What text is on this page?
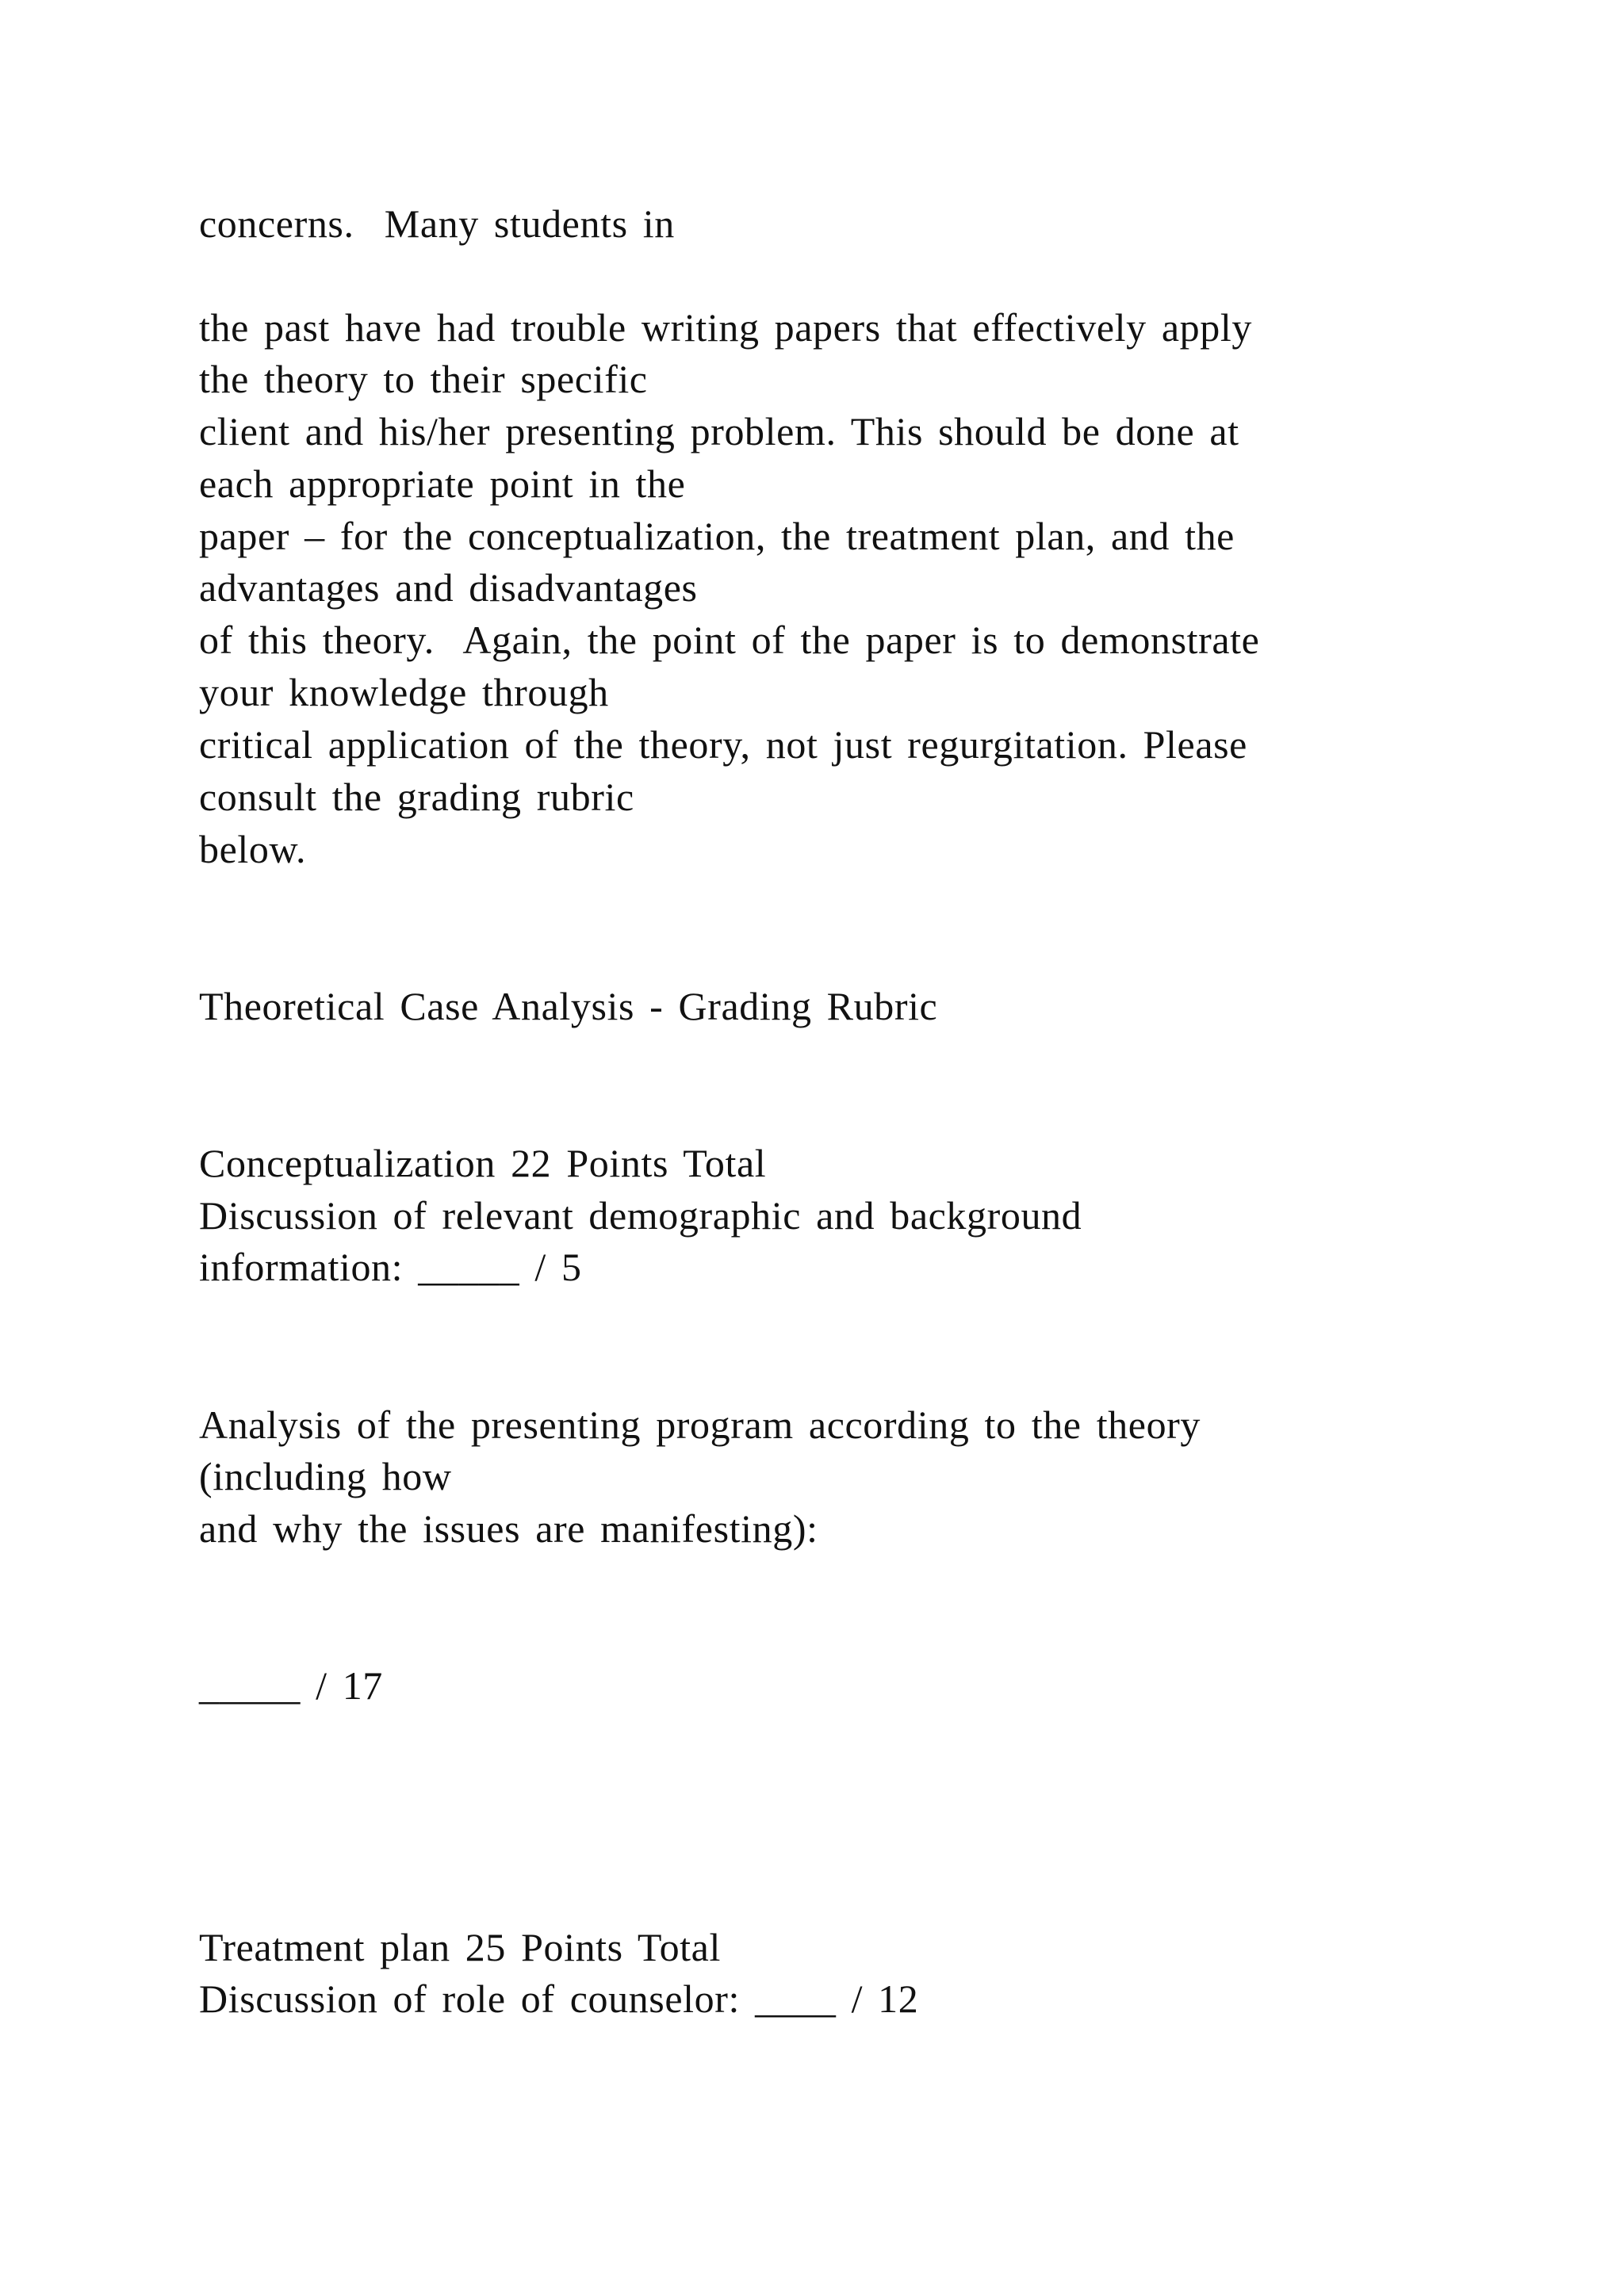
concerns.  Many students in
the past have had trouble writing papers that effectively apply
the theory to their specific
client and his/her presenting problem. This should be done at
each appropriate point in the
paper – for the conceptualization, the treatment plan, and the
advantages and disadvantages
of this theory.  Again, the point of the paper is to demonstrate
your knowledge through
critical application of the theory, not just regurgitation. Please
consult the grading rubric
below.
Theoretical Case Analysis - Grading Rubric
Conceptualization 22 Points Total
Discussion of relevant demographic and background
information: _____ / 5
Analysis of the presenting program according to the theory
(including how
and why the issues are manifesting):
_____ / 17
Treatment plan 25 Points Total
Discussion of role of counselor: ____ / 12
